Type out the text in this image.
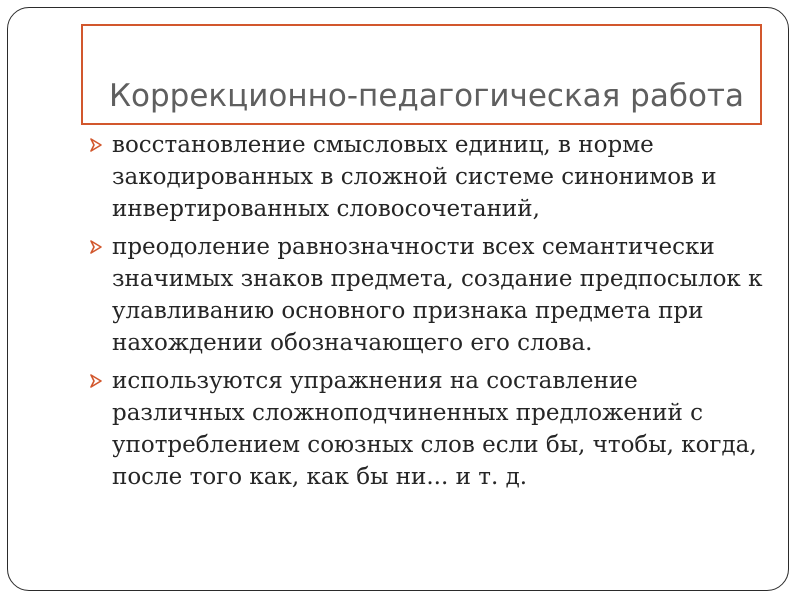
Коррекционно-педагогическая работа
восстановление смысловых единиц, в норме закодированных в сложной системе синонимов и инвертированных словосочетаний,
преодоление равнозначности всех семантически значимых знаков предмета, создание предпосылок к улавливанию основного признака предмета при нахождении обозначающего его слова.
используются упражнения на составление различных сложноподчиненных предложений с употреблением союзных слов если бы, чтобы, когда, после того как, как бы ни... и т. д.
